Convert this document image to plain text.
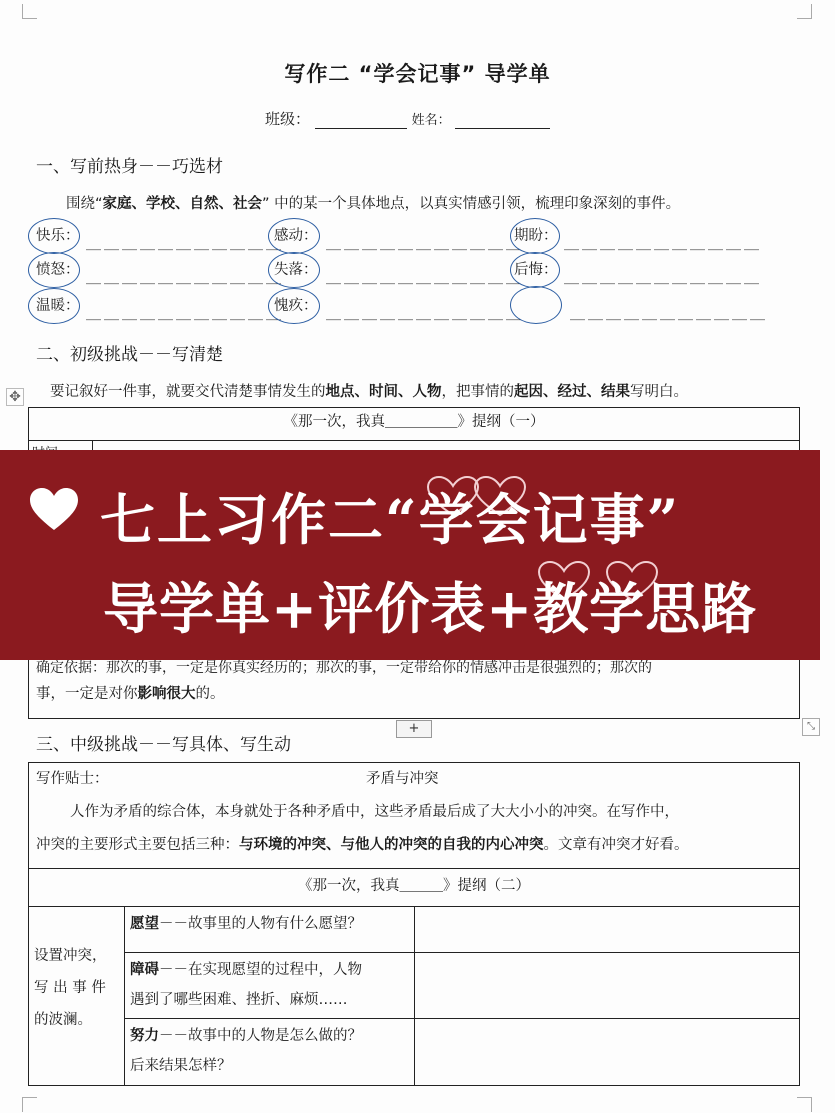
写作二 “学会记事” 导学单
班级：	姓名：
一、写前热身－－巧选材
围绕“家庭、学校、自然、社会” 中的某一个具体地点，以真实情感引领，梳理印象深刻的事件。
快乐： ＿＿＿＿＿＿＿＿＿＿＿
感动： ＿＿＿＿＿＿＿＿＿＿＿
期盼： ＿＿＿＿＿＿＿＿＿＿＿
愤怒： ＿＿＿＿＿＿＿＿＿＿＿
失落： ＿＿＿＿＿＿＿＿＿＿＿
后悔： ＿＿＿＿＿＿＿＿＿＿＿
温暖： ＿＿＿＿＿＿＿＿＿＿＿
愧疚： ＿＿＿＿＿＿＿＿＿＿＿	＿＿＿＿＿＿＿＿＿＿＿
二、初级挑战－－写清楚
要记叙好一件事，就要交代清楚事情发生的地点、时间、人物，把事情的起因、经过、结果写明白。
✥
《那一次，我真＿＿＿＿＿》提纲（一）
确定依据：那次的事，一定是你真实经历的；那次的事，一定带给你的情感冲击是很强烈的；那次的
事，一定是对你影响很大的。
+	⤡
七上习作二“学会记事”
导学单+评价表+教学思路
三、中级挑战－－写具体、写生动
写作贴士：	矛盾与冲突
人作为矛盾的综合体，本身就处于各种矛盾中，这些矛盾最后成了大大小小的冲突。在写作中，
冲突的主要形式主要包括三种：与环境的冲突、与他人的冲突的自我的内心冲突。文章有冲突才好看。
《那一次，我真＿＿＿》提纲（二）
设置冲突，
写 出 事 件
的波澜。
愿望－－故事里的人物有什么愿望？
障碍－－在实现愿望的过程中，人物
遇到了哪些困难、挫折、麻烦……
努力－－故事中的人物是怎么做的？
后来结果怎样？
